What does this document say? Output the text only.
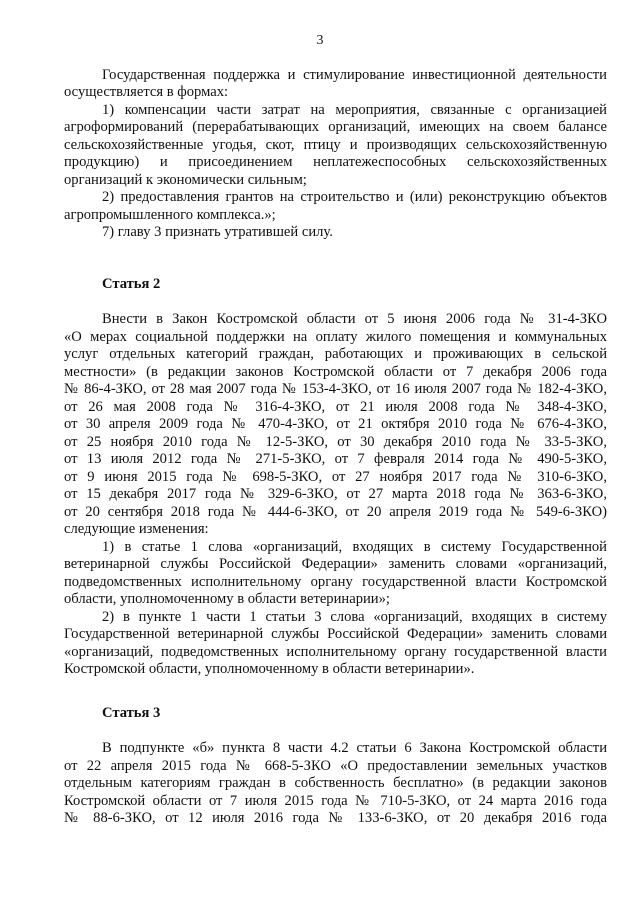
3
Государственная поддержка и стимулирование инвестиционной деятельности
осуществляется в формах:
1) компенсации части затрат на мероприятия, связанные с организацией
агроформирований (перерабатывающих организаций, имеющих на своем балансе
сельскохозяйственные угодья, скот, птицу и производящих сельскохозяйственную
продукцию) и присоединением неплатежеспособных сельскохозяйственных
организаций к экономически сильным;
2) предоставления грантов на строительство и (или) реконструкцию объектов
агропромышленного комплекса.»;
7) главу 3 признать утратившей силу.
Статья 2
Внести в Закон Костромской области от 5 июня 2006 года № 31-4-ЗКО
«О мерах социальной поддержки на оплату жилого помещения и коммунальных
услуг отдельных категорий граждан, работающих и проживающих в сельской
местности» (в редакции законов Костромской области от 7 декабря 2006 года
№ 86-4-ЗКО, от 28 мая 2007 года № 153-4-ЗКО, от 16 июля 2007 года № 182-4-ЗКО,
от 26 мая 2008 года № 316-4-ЗКО, от 21 июля 2008 года № 348-4-ЗКО,
от 30 апреля 2009 года № 470-4-ЗКО, от 21 октября 2010 года № 676-4-ЗКО,
от 25 ноября 2010 года № 12-5-ЗКО, от 30 декабря 2010 года № 33-5-ЗКО,
от 13 июля 2012 года № 271-5-ЗКО, от 7 февраля 2014 года № 490-5-ЗКО,
от 9 июня 2015 года № 698-5-ЗКО, от 27 ноября 2017 года № 310-6-ЗКО,
от 15 декабря 2017 года № 329-6-ЗКО, от 27 марта 2018 года № 363-6-ЗКО,
от 20 сентября 2018 года № 444-6-ЗКО, от 20 апреля 2019 года № 549-6-ЗКО)
следующие изменения:
1) в статье 1 слова «организаций, входящих в систему Государственной
ветеринарной службы Российской Федерации» заменить словами «организаций,
подведомственных исполнительному органу государственной власти Костромской
области, уполномоченному в области ветеринарии»;
2) в пункте 1 части 1 статьи 3 слова «организаций, входящих в систему
Государственной ветеринарной службы Российской Федерации» заменить словами
«организаций, подведомственных исполнительному органу государственной власти
Костромской области, уполномоченному в области ветеринарии».
Статья 3
В подпункте «б» пункта 8 части 4.2 статьи 6 Закона Костромской области
от 22 апреля 2015 года № 668-5-ЗКО «О предоставлении земельных участков
отдельным категориям граждан в собственность бесплатно» (в редакции законов
Костромской области от 7 июля 2015 года № 710-5-ЗКО, от 24 марта 2016 года
№ 88-6-ЗКО, от 12 июля 2016 года № 133-6-ЗКО, от 20 декабря 2016 года
